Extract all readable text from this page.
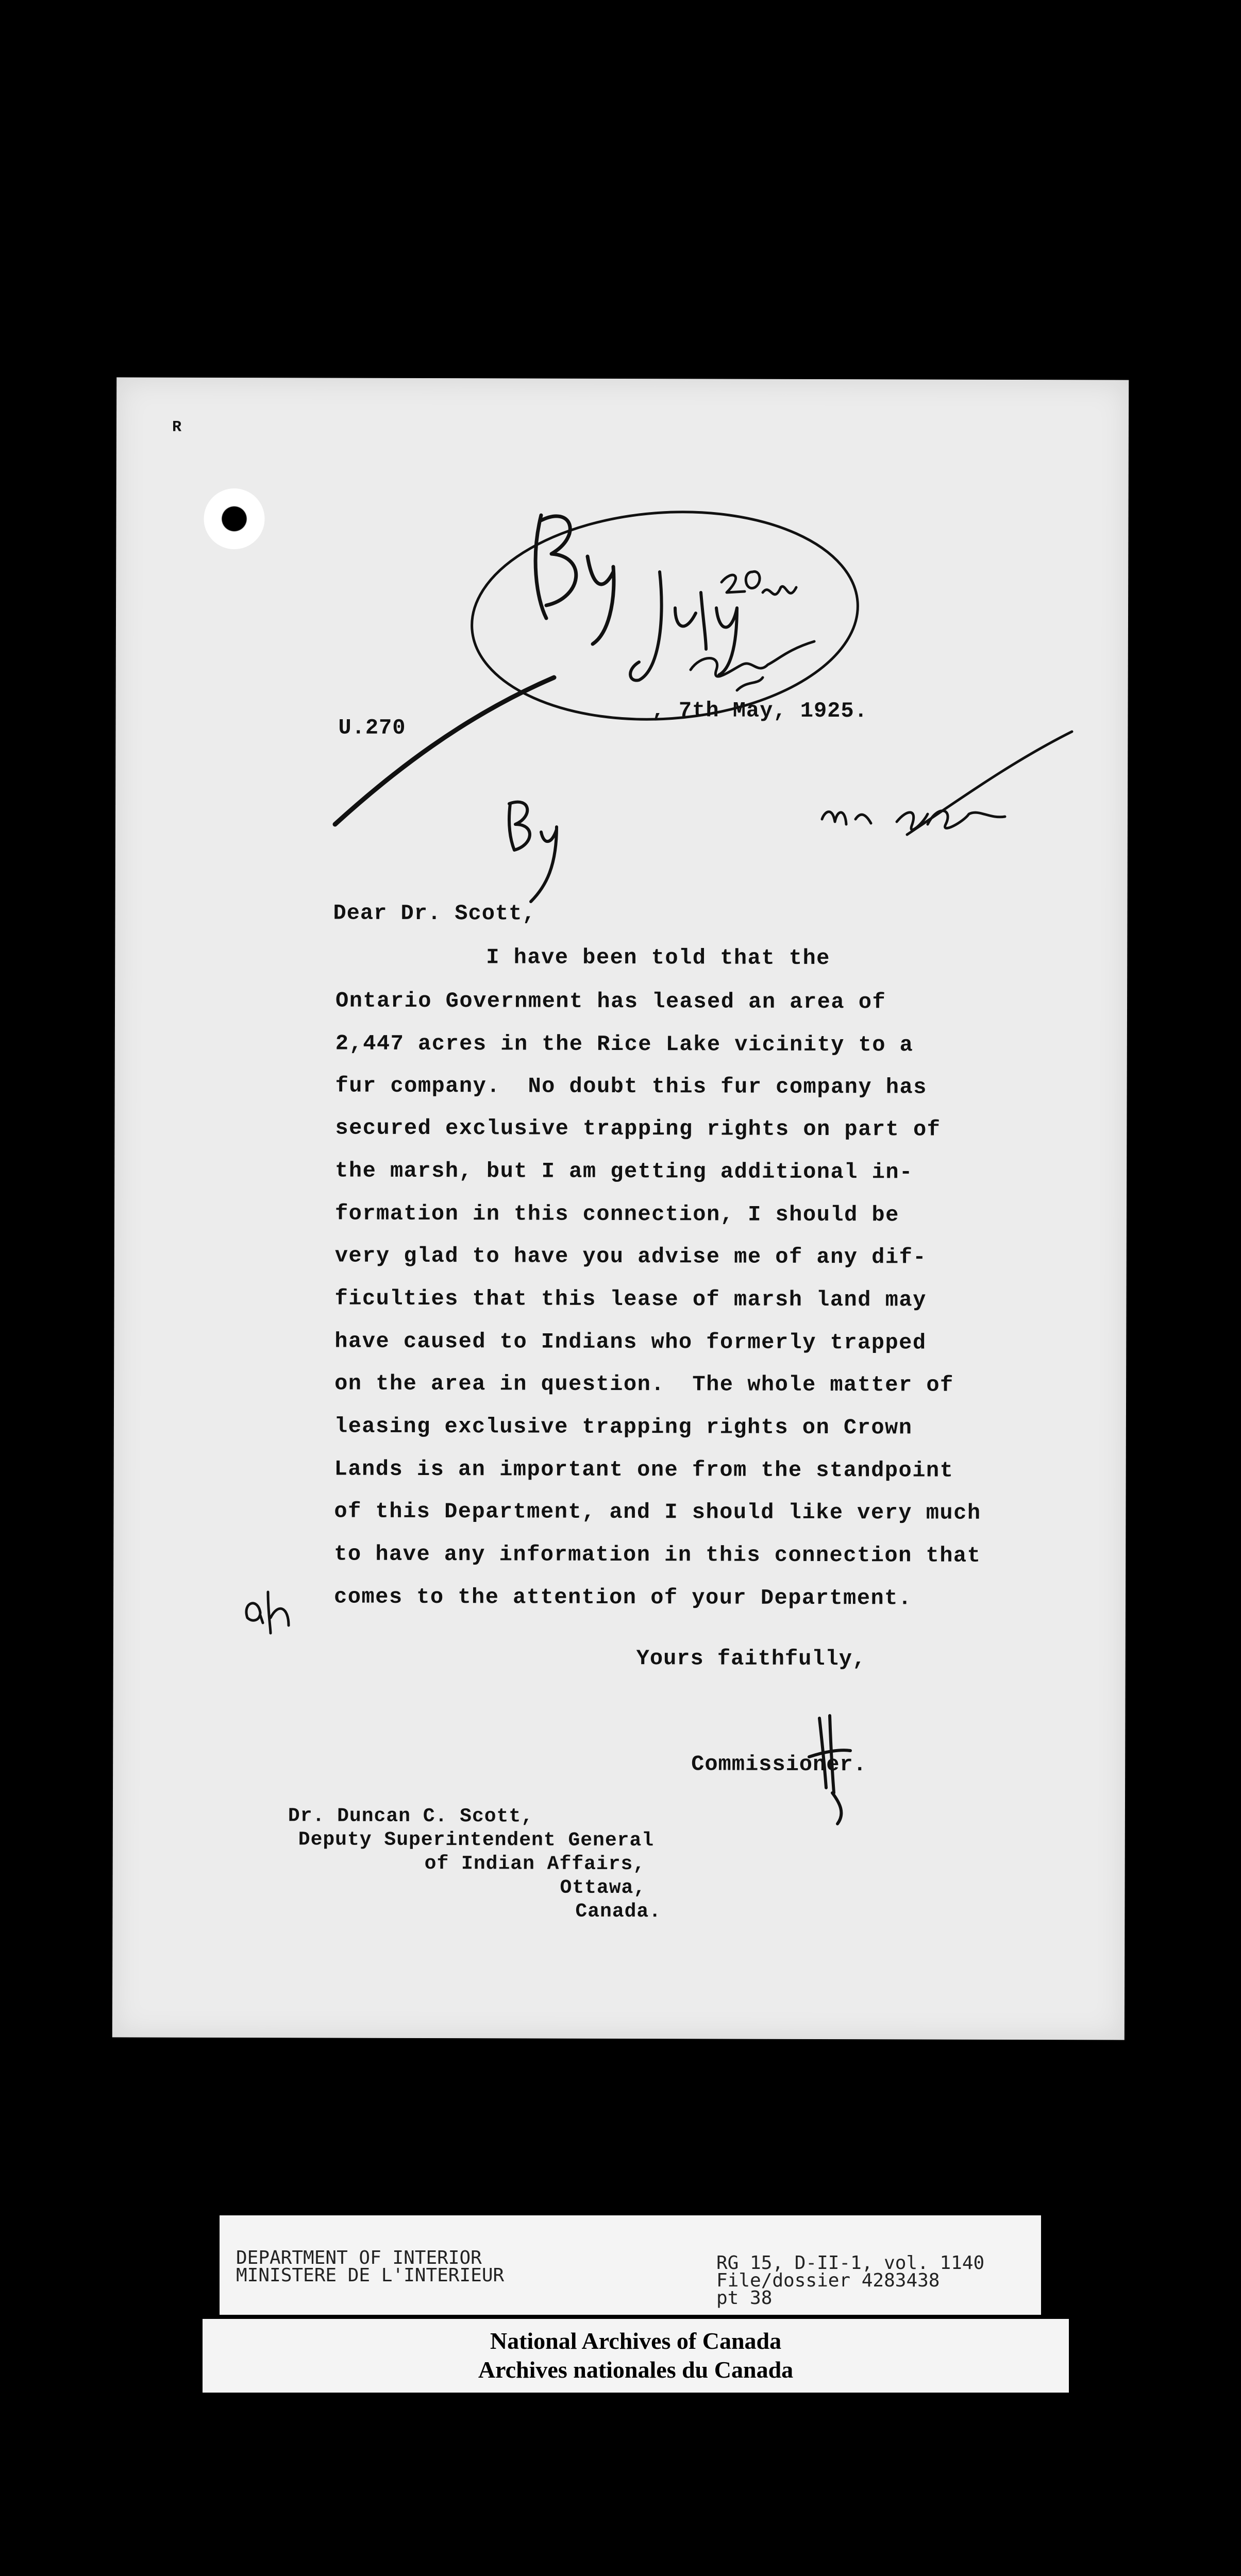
R
U.270
, 7th May, 1925.
Dear Dr. Scott,
I have been told that the
Ontario Government has leased an area of
2,447 acres in the Rice Lake vicinity to a
fur company.  No doubt this fur company has
secured exclusive trapping rights on part of
the marsh, but I am getting additional in-
formation in this connection, I should be
very glad to have you advise me of any dif-
ficulties that this lease of marsh land may
have caused to Indians who formerly trapped
on the area in question.  The whole matter of
leasing exclusive trapping rights on Crown
Lands is an important one from the standpoint
of this Department, and I should like very much
to have any information in this connection that
comes to the attention of your Department.
Yours faithfully,
Commissioner.
Dr. Duncan C. Scott,
Deputy Superintendent General
of Indian Affairs,
Ottawa,
Canada.
DEPARTMENT OF INTERIOR
MINISTERE DE L'INTERIEUR
RG 15, D-II-1, vol. 1140
File/dossier 4283438
pt 38
National Archives of Canada
Archives nationales du Canada
